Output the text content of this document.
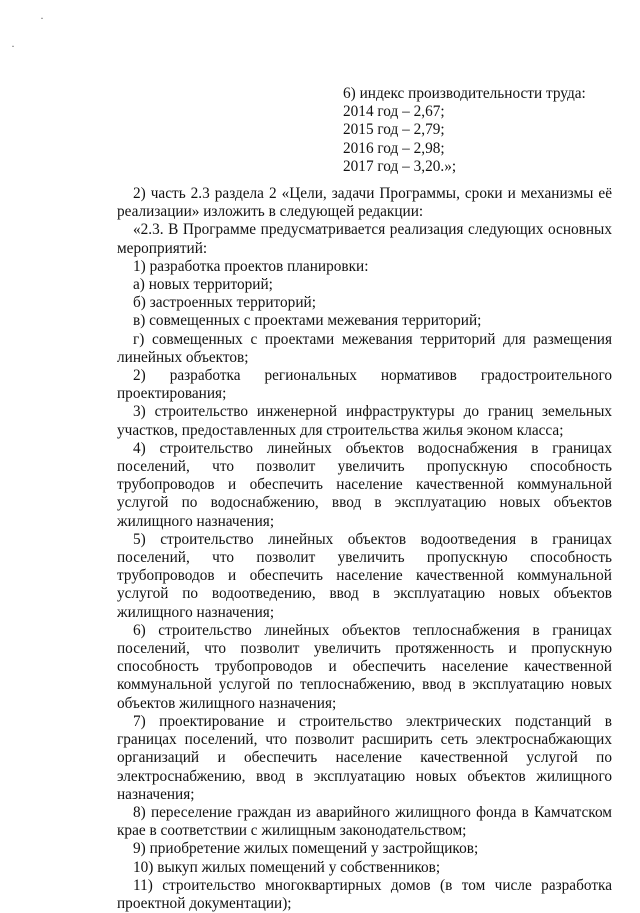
·
·
6) индекс производительности труда:
2014 год – 2,67;
2015 год – 2,79;
2016 год – 2,98;
2017 год – 3,20.»;

2) часть 2.3 раздела 2 «Цели, задачи Программы, сроки и механизмы её реализации» изложить в следующей редакции:

«2.3. В Программе предусматривается реализация следующих основных мероприятий:

1) разработка проектов планировки:
а) новых территорий;
б) застроенных территорий;
в) совмещенных с проектами межевания территорий;

г) совмещенных с проектами межевания территорий для размещения линейных объектов;

2) разработка региональных нормативов градостроительного проектирования;

3) строительство инженерной инфраструктуры до границ земельных участков, предоставленных для строительства жилья эконом класса;

4) строительство линейных объектов водоснабжения в границах поселений, что позволит увеличить пропускную способность трубопроводов и обеспечить население качественной коммунальной услугой по водоснабжению, ввод в эксплуатацию новых объектов жилищного назначения;

5) строительство линейных объектов водоотведения в границах поселений, что позволит увеличить пропускную способность трубопроводов и обеспечить население качественной коммунальной услугой по водоотведению, ввод в эксплуатацию новых объектов жилищного назначения;

6) строительство линейных объектов теплоснабжения в границах поселений, что позволит увеличить протяженность и пропускную способность трубопроводов и обеспечить население качественной коммунальной услугой по теплоснабжению, ввод в эксплуатацию новых объектов жилищного назначения;

7) проектирование и строительство электрических подстанций в границах поселений, что позволит расширить сеть электроснабжающих организаций и обеспечить население качественной услугой по электроснабжению, ввод в эксплуатацию новых объектов жилищного назначения;

8) переселение граждан из аварийного жилищного фонда в Камчатском крае в соответствии с жилищным законодательством;

9) приобретение жилых помещений у застройщиков;
10) выкуп жилых помещений у собственников;

11) строительство многоквартирных домов (в том числе разработка проектной документации);
